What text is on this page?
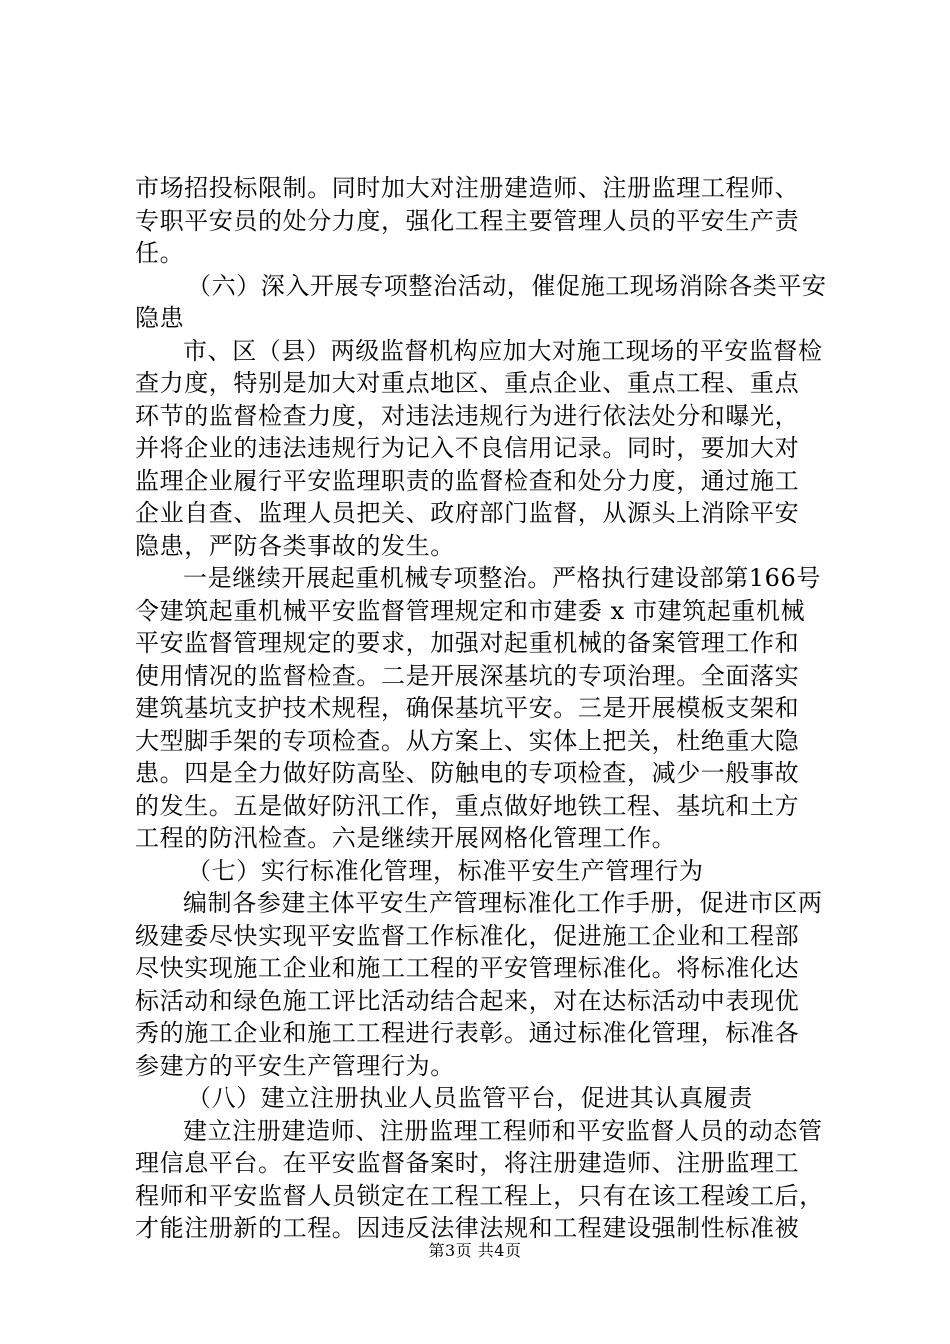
市场招投标限制。同时加大对注册建造师、注册监理工程师、
专职平安员的处分力度，强化工程主要管理人员的平安生产责
任。
（六）深入开展专项整治活动，催促施工现场消除各类平安
隐患
市、区（县）两级监督机构应加大对施工现场的平安监督检
查力度，特别是加大对重点地区、重点企业、重点工程、重点
环节的监督检查力度，对违法违规行为进行依法处分和曝光，
并将企业的违法违规行为记入不良信用记录。同时，要加大对
监理企业履行平安监理职责的监督检查和处分力度，通过施工
企业自查、监理人员把关、政府部门监督，从源头上消除平安
隐患，严防各类事故的发生。
一是继续开展起重机械专项整治。严格执行建设部第166号
令建筑起重机械平安监督管理规定和市建委 x 市建筑起重机械
平安监督管理规定的要求，加强对起重机械的备案管理工作和
使用情况的监督检查。二是开展深基坑的专项治理。全面落实
建筑基坑支护技术规程，确保基坑平安。三是开展模板支架和
大型脚手架的专项检查。从方案上、实体上把关，杜绝重大隐
患。四是全力做好防高坠、防触电的专项检查，减少一般事故
的发生。五是做好防汛工作，重点做好地铁工程、基坑和土方
工程的防汛检查。六是继续开展网格化管理工作。
（七）实行标准化管理，标准平安生产管理行为
编制各参建主体平安生产管理标准化工作手册，促进市区两
级建委尽快实现平安监督工作标准化，促进施工企业和工程部
尽快实现施工企业和施工工程的平安管理标准化。将标准化达
标活动和绿色施工评比活动结合起来，对在达标活动中表现优
秀的施工企业和施工工程进行表彰。通过标准化管理，标准各
参建方的平安生产管理行为。
（八）建立注册执业人员监管平台，促进其认真履责
建立注册建造师、注册监理工程师和平安监督人员的动态管
理信息平台。在平安监督备案时，将注册建造师、注册监理工
程师和平安监督人员锁定在工程工程上，只有在该工程竣工后，
才能注册新的工程。因违反法律法规和工程建设强制性标准被
第3页 共4页
